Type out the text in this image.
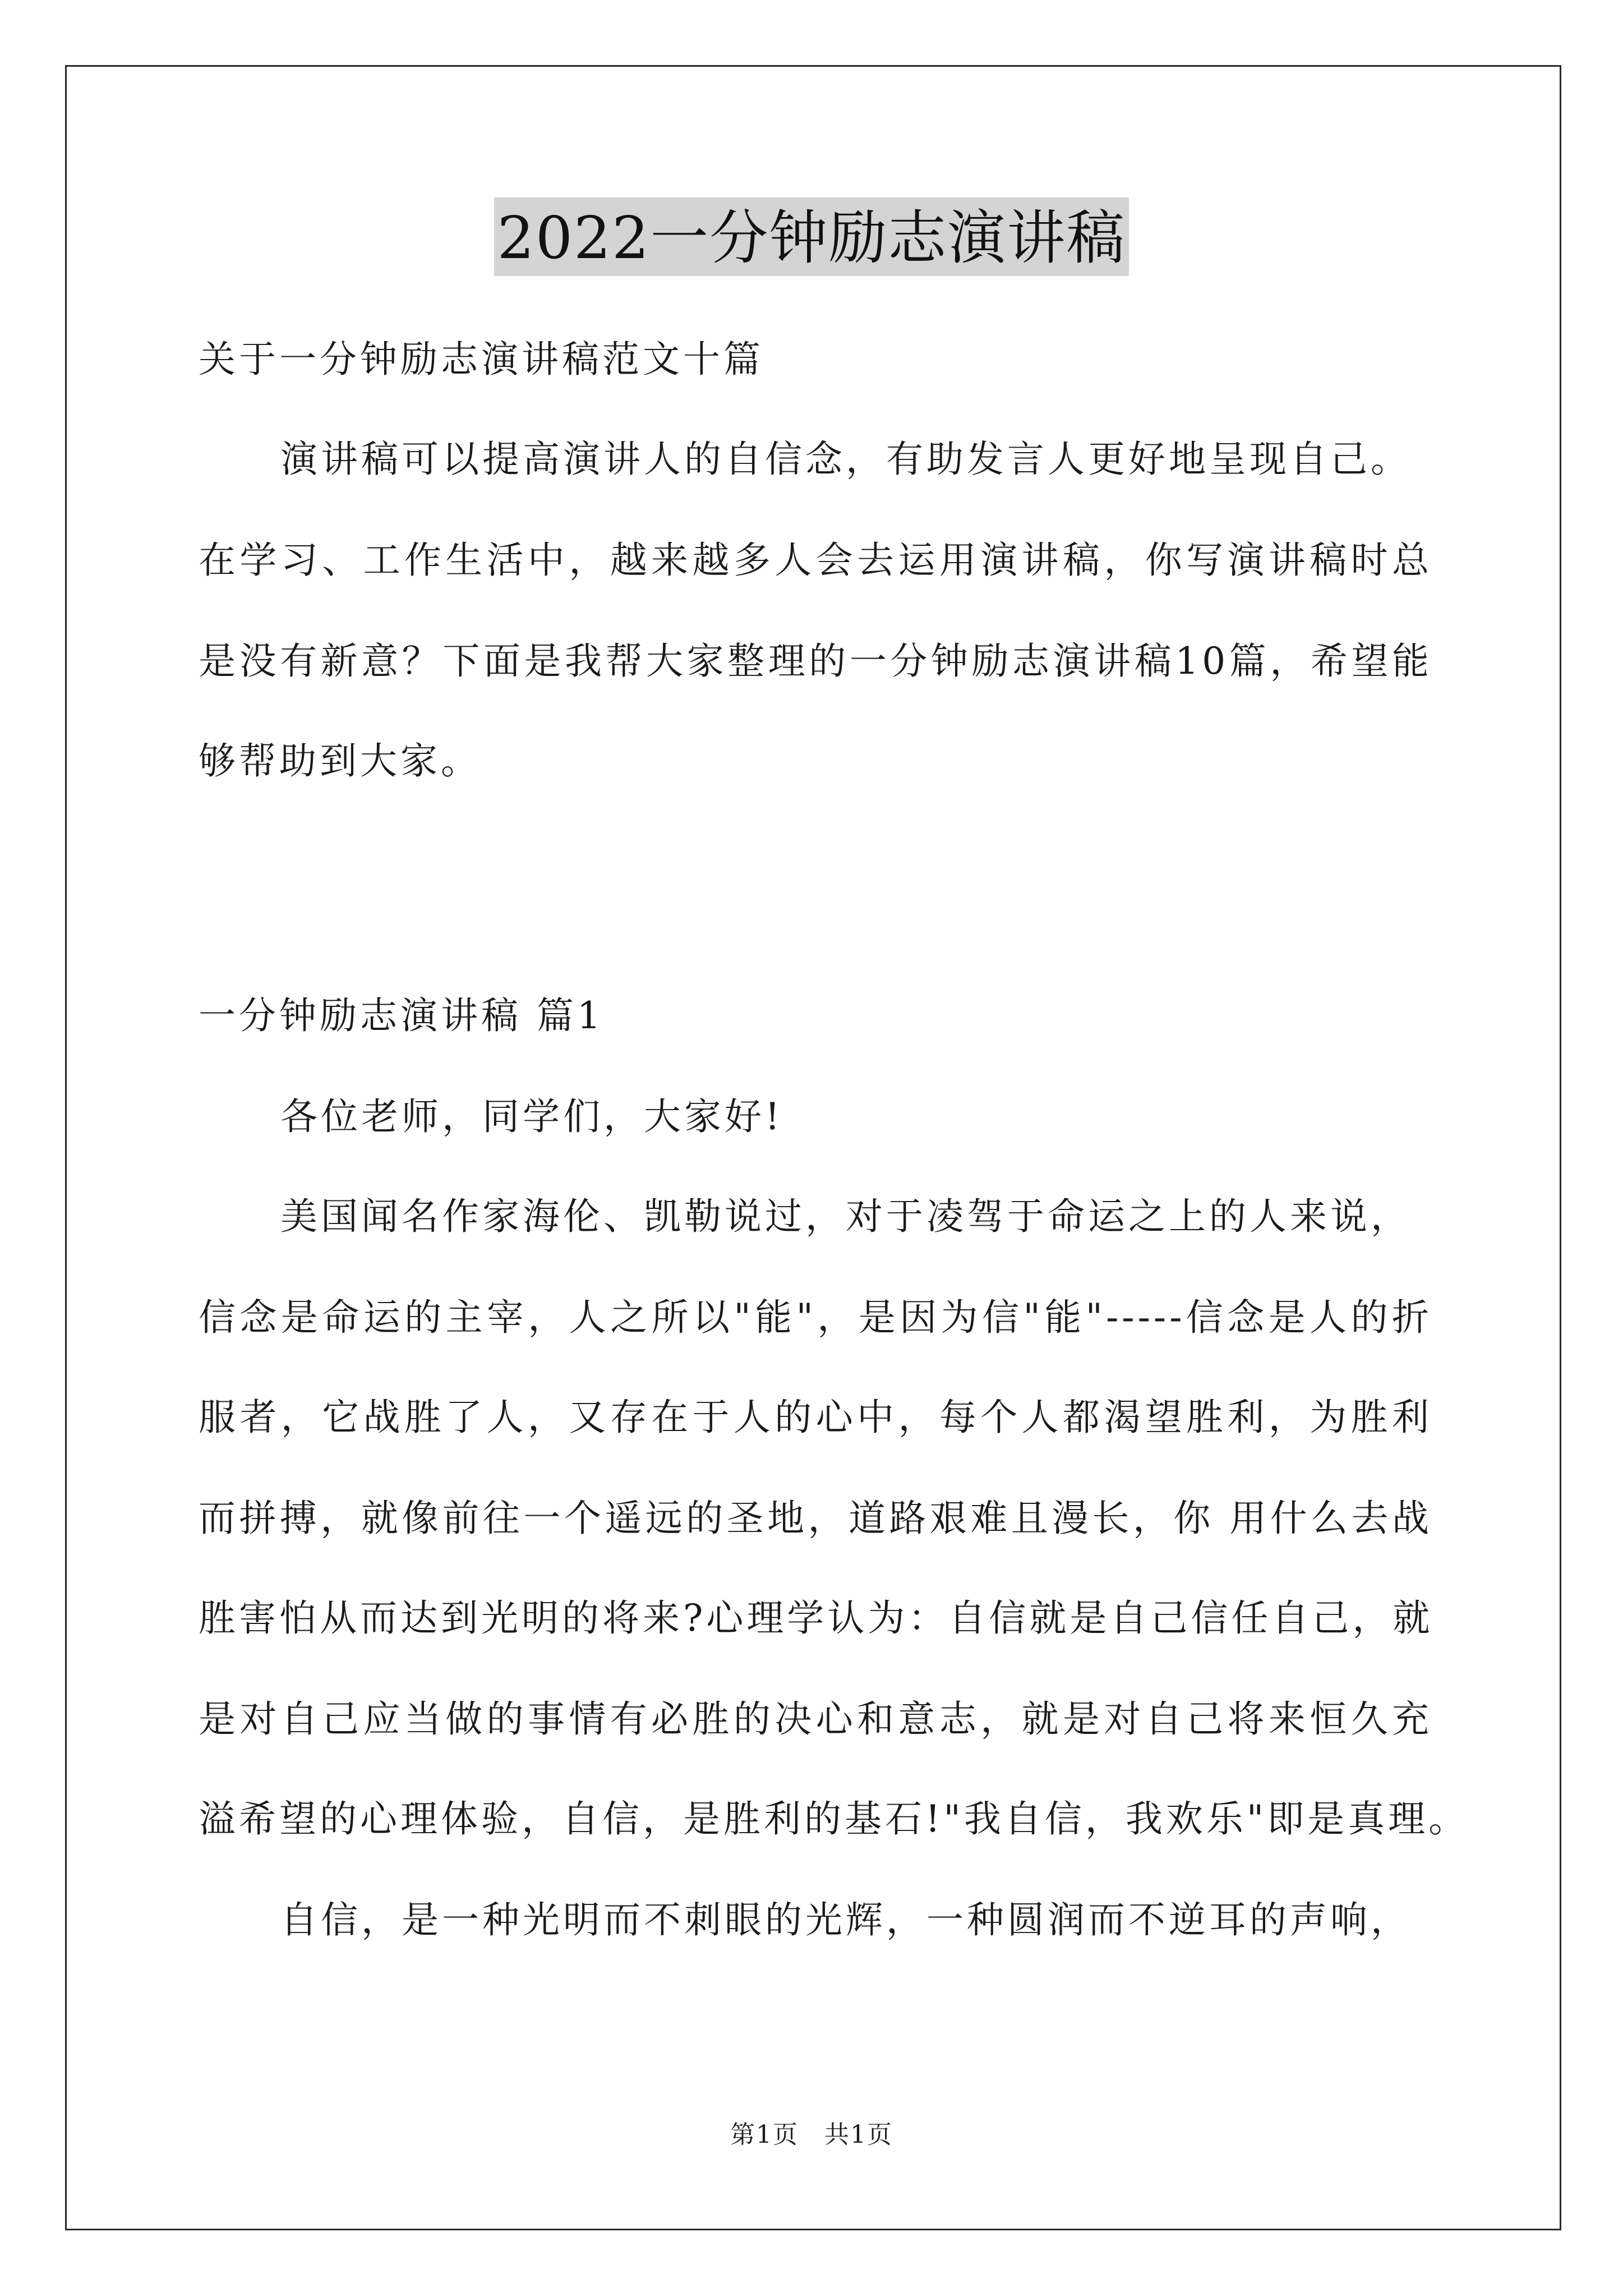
2022一分钟励志演讲稿
关于一分钟励志演讲稿范文十篇
演讲稿可以提高演讲人的自信念，有助发言人更好地呈现自己。
在学习、工作生活中，越来越多人会去运用演讲稿，你写演讲稿时总
是没有新意？下面是我帮大家整理的一分钟励志演讲稿10篇，希望能
够帮助到大家。
一分钟励志演讲稿 篇1
各位老师，同学们，大家好!
美国闻名作家海伦、凯勒说过，对于凌驾于命运之上的人来说，
信念是命运的主宰，人之所以"能"，是因为信"能"-----信念是人的折
服者，它战胜了人，又存在于人的心中，每个人都渴望胜利，为胜利
而拼搏，就像前往一个遥远的圣地，道路艰难且漫长，你 用什么去战
胜害怕从而达到光明的将来?心理学认为：自信就是自己信任自己，就
是对自己应当做的事情有必胜的决心和意志，就是对自己将来恒久充
溢希望的心理体验，自信，是胜利的基石!"我自信，我欢乐"即是真理。
自信，是一种光明而不刺眼的光辉，一种圆润而不逆耳的声响，
第1页　共1页
